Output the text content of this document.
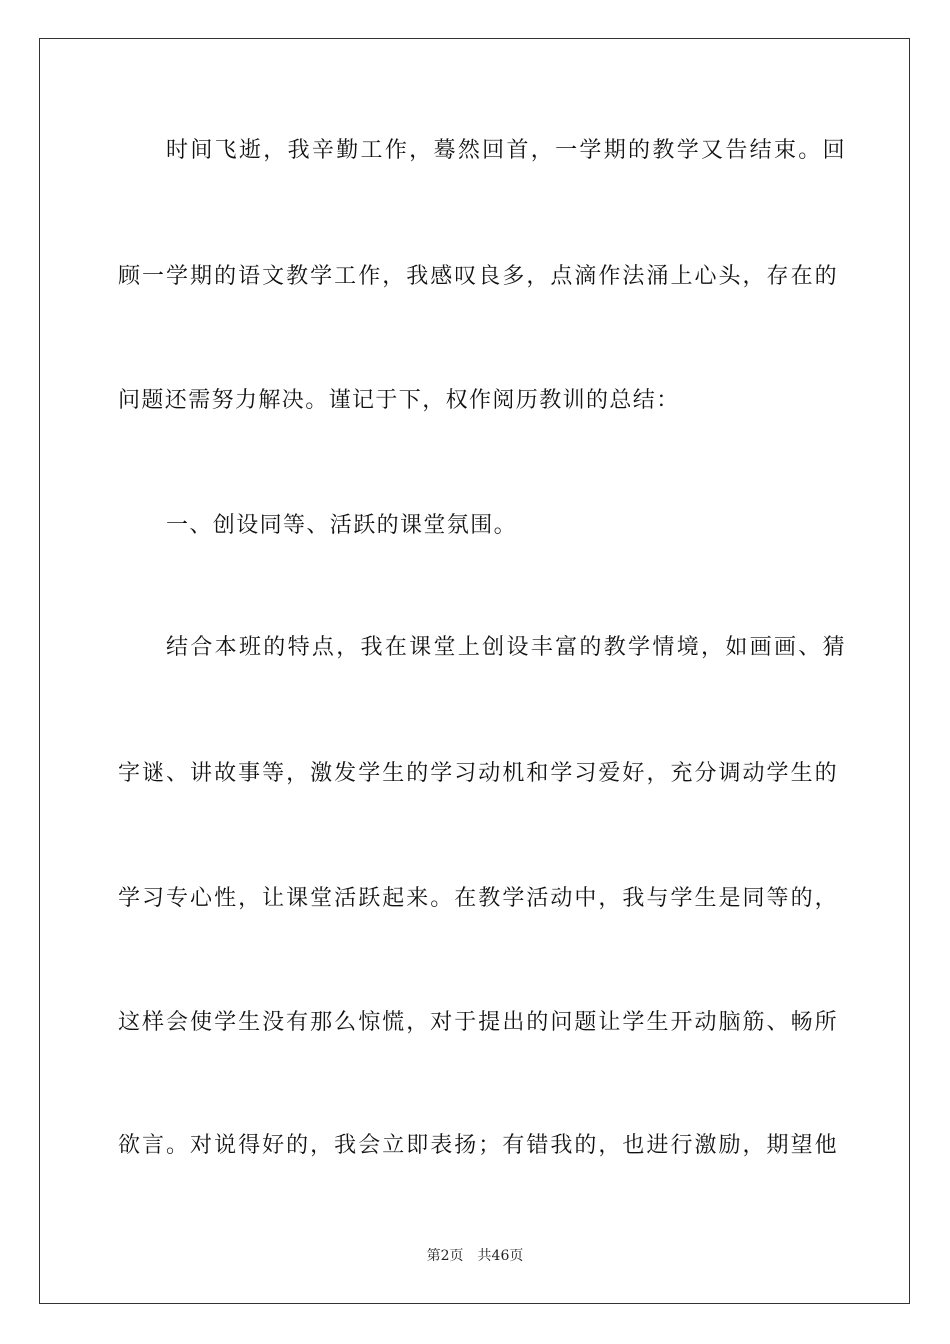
时间飞逝，我辛勤工作，蓦然回首，一学期的教学又告结束。回
顾一学期的语文教学工作，我感叹良多，点滴作法涌上心头，存在的
问题还需努力解决。谨记于下，权作阅历教训的总结：
一、创设同等、活跃的课堂氛围。
结合本班的特点，我在课堂上创设丰富的教学情境，如画画、猜
字谜、讲故事等，激发学生的学习动机和学习爱好，充分调动学生的
学习专心性，让课堂活跃起来。在教学活动中，我与学生是同等的，
这样会使学生没有那么惊慌，对于提出的问题让学生开动脑筋、畅所
欲言。对说得好的，我会立即表扬；有错我的，也进行激励，期望他
第2页 共46页
